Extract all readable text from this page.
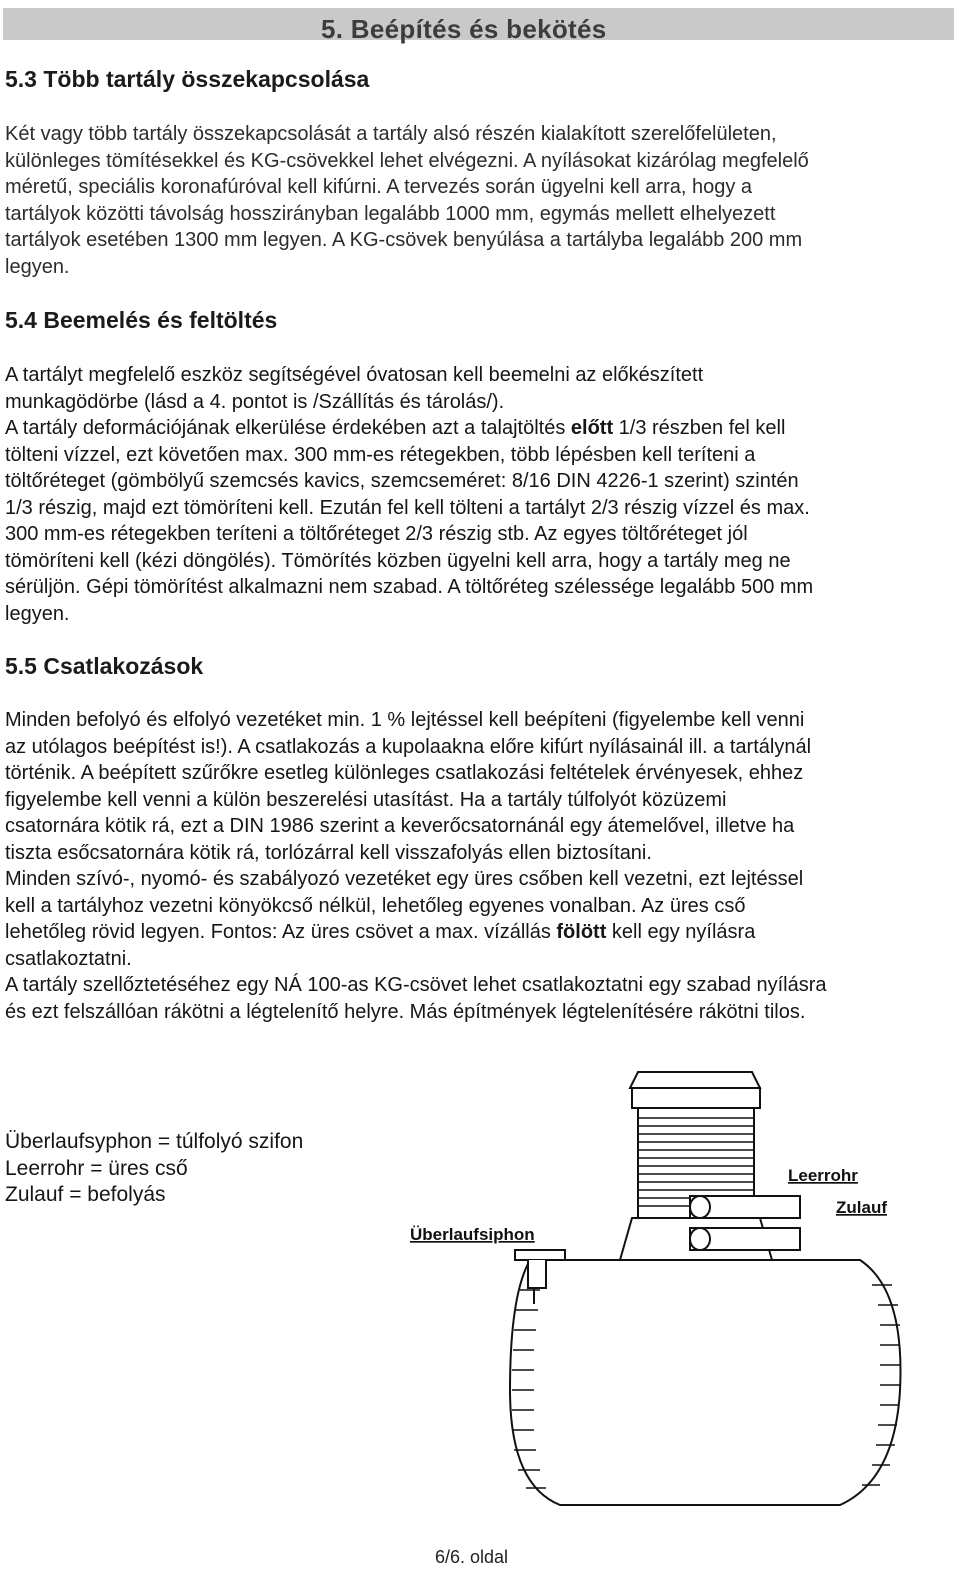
5. Beépítés és bekötés
5.3 Több tartály összekapcsolása
Két vagy több tartály összekapcsolását a tartály alsó részén kialakított szerelőfelületen,
különleges tömítésekkel és KG-csövekkel lehet elvégezni. A nyílásokat kizárólag megfelelő
méretű, speciális koronafúróval kell kifúrni. A tervezés során ügyelni kell arra, hogy a
tartályok közötti távolság hosszirányban legalább 1000 mm, egymás mellett elhelyezett
tartályok esetében 1300 mm legyen. A KG-csövek benyúlása a tartályba legalább 200 mm
legyen.
5.4 Beemelés és feltöltés
A tartályt megfelelő eszköz segítségével óvatosan kell beemelni az előkészített
munkagödörbe (lásd a 4. pontot is /Szállítás és tárolás/).
A tartály deformációjának elkerülése érdekében azt a talajtöltés előtt 1/3 részben fel kell
tölteni vízzel, ezt követően max. 300 mm-es rétegekben, több lépésben kell teríteni a
töltőréteget (gömbölyű szemcsés kavics, szemcseméret: 8/16 DIN 4226-1 szerint) szintén
1/3 részig, majd ezt tömöríteni kell. Ezután fel kell tölteni a tartályt 2/3 részig vízzel és max.
300 mm-es rétegekben teríteni a töltőréteget 2/3 részig stb. Az egyes töltőréteget jól
tömöríteni kell (kézi döngölés). Tömörítés közben ügyelni kell arra, hogy a tartály meg ne
sérüljön. Gépi tömörítést alkalmazni nem szabad. A töltőréteg szélessége legalább 500 mm
legyen.
5.5 Csatlakozások
Minden befolyó és elfolyó vezetéket min. 1 % lejtéssel kell beépíteni (figyelembe kell venni
az utólagos beépítést is!). A csatlakozás a kupolaakna előre kifúrt nyílásainál ill. a tartálynál
történik. A beépített szűrőkre esetleg különleges csatlakozási feltételek érvényesek, ehhez
figyelembe kell venni a külön beszerelési utasítást. Ha a tartály túlfolyót közüzemi
csatornára kötik rá, ezt a DIN 1986 szerint a keverőcsatornánál egy átemelővel, illetve ha
tiszta esőcsatornára kötik rá, torlózárral kell visszafolyás ellen biztosítani.
Minden szívó-, nyomó- és szabályozó vezetéket egy üres csőben kell vezetni, ezt lejtéssel
kell a tartályhoz vezetni könyökcső nélkül, lehetőleg egyenes vonalban. Az üres cső
lehetőleg rövid legyen. Fontos: Az üres csövet a max. vízállás fölött kell egy nyílásra
csatlakoztatni.
A tartály szellőztetéséhez egy NÁ 100-as KG-csövet lehet csatlakoztatni egy szabad nyílásra
és ezt felszállóan rákötni a légtelenítő helyre. Más építmények légtelenítésére rákötni tilos.
Überlaufsyphon = túlfolyó szifon
Leerrohr = üres cső
Zulauf = befolyás
Leerrohr
Zulauf
Überlaufsiphon
6/6. oldal
